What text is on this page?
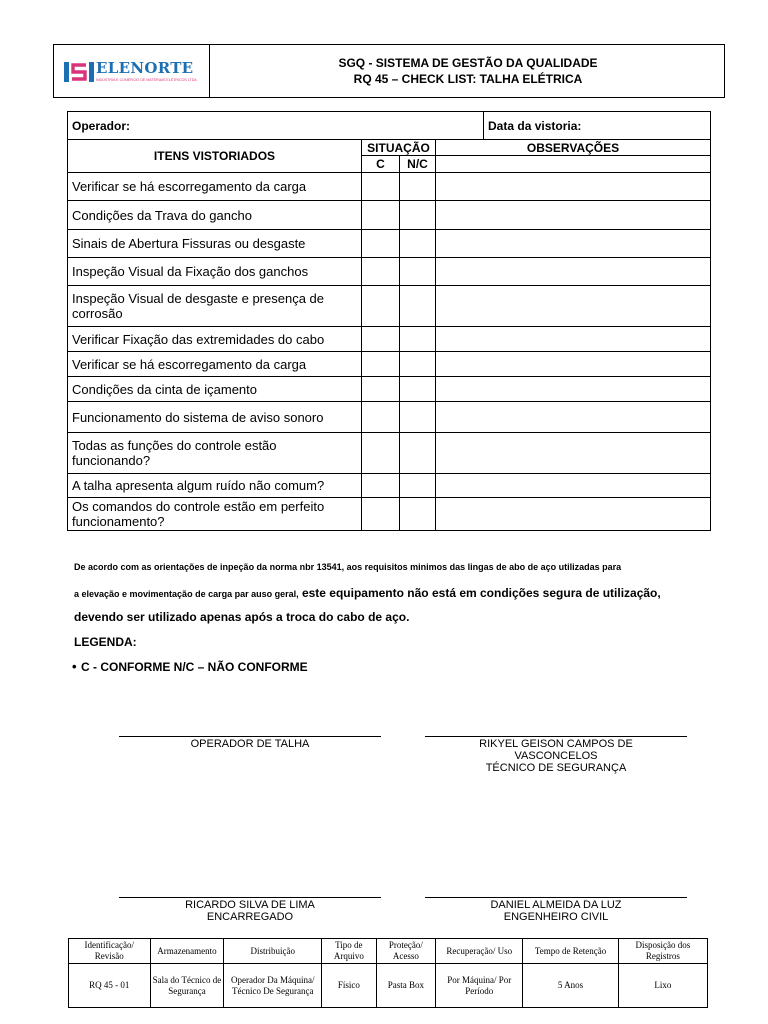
ELENORTE
INDÚSTRIA E COMÉRCIO DE MATERIAIS ELÉTRICOS LTDA
SGQ - SISTEMA DE GESTÃO DA QUALIDADE
RQ 45 – CHECK LIST: TALHA ELÉTRICA
Operador:				Data da vistoria:
ITENS VISTORIADOS	SITUAÇÃO		OBSERVAÇÕES	
	C	N/C		
Verificar se há escorregamento da carga				
Condições da Trava do gancho				
Sinais de Abertura Fissuras ou desgaste				
Inspeção Visual da Fixação dos ganchos				
Inspeção Visual de desgaste e presença de corrosão				
Verificar Fixação das extremidades do cabo				
Verificar se há escorregamento da carga				
Condições da cinta de içamento				
Funcionamento do sistema de aviso sonoro				
Todas as funções do controle estão funcionando?				
A talha apresenta algum ruído não comum?				
Os comandos do controle estão em perfeito funcionamento?				
De acordo com as orientações de inpeção da norma nbr 13541, aos requisitos minimos das lingas de abo de aço utilizadas para
a elevação e movimentação de carga par auso geral, este equipamento não está em condições segura de utilização,
devendo ser utilizado apenas após a troca do cabo de aço.
LEGENDA:
• C - CONFORME N/C – NÃO CONFORME
OPERADOR DE TALHA	RIKYEL GEISON CAMPOS DE
VASCONCELOS
TÉCNICO DE SEGURANÇA
RICARDO SILVA DE LIMA
ENCARREGADO
DANIEL ALMEIDA DA LUZ
ENGENHEIRO CIVIL
Identificação/ Revisão	Armazenamento	Distribuição	Tipo de Arquivo	Proteção/ Acesso	Recuperação/ Uso	Tempo de Retenção	Disposição dos Registros
RQ 45 - 01	Sala do Técnico de Segurança	Operador Da Máquina/ Técnico De Segurança	Físico	Pasta Box	Por Máquina/ Por Período	5 Anos	Lixo
